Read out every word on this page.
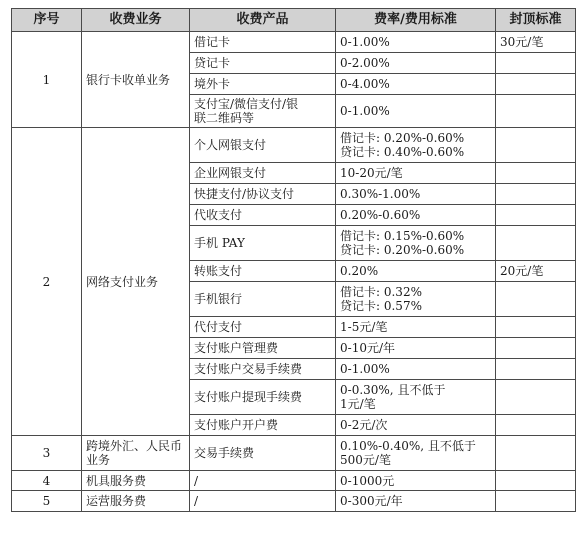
序号	收费业务	收费产品	费率/费用标准	封顶标准
1	银行卡收单业务	借记卡	0-1.00%	30元/笔

		贷记卡	0-2.00%	

		境外卡	0-4.00%	

		支付宝/微信支付/银
联二维码等	0-1.00%	

2	网络支付业务	个人网银支付	借记卡: 0.20%-0.60%
贷记卡: 0.40%-0.60%	

		企业网银支付	10-20元/笔	

		快捷支付/协议支付	0.30%-1.00%	

		代收支付	0.20%-0.60%	

		手机 PAY	借记卡: 0.15%-0.60%
贷记卡: 0.20%-0.60%	

		转账支付	0.20%	20元/笔

		手机银行	借记卡: 0.32%
贷记卡: 0.57%	

		代付支付	1-5元/笔	

		支付账户管理费	0-10元/年	

		支付账户交易手续费	0-1.00%	

		支付账户提现手续费	0-0.30%, 且不低于
1元/笔	

		支付账户开户费	0-2元/次	

3	跨境外汇、人民币业务	交易手续费	0.10%-0.40%, 且不低于
500元/笔	

4	机具服务费	/	0-1000元	

5	运营服务费	/	0-300元/年	
